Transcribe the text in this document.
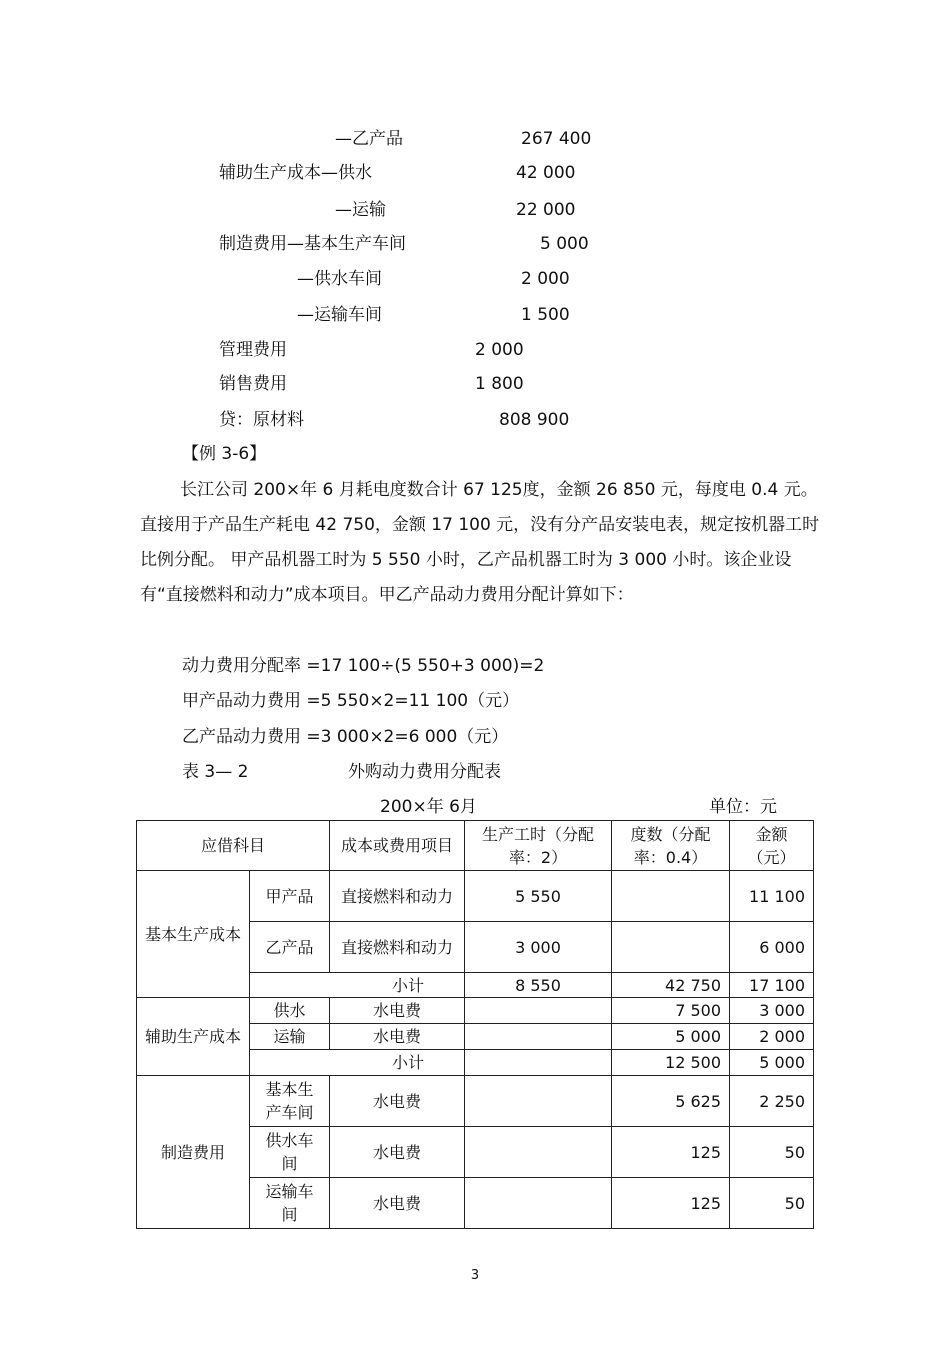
—乙产品	267 400
辅助生产成本—供水	42 000
—运输	22 000
制造费用—基本生产车间	5 000
—供水车间	2 000
—运输车间	1 500
管理费用	2 000
销售费用	1 800
贷：原材料	808 900
【例 3-6】
长江公司 200×年 6 月耗电度数合计 67 125度，金额 26 850 元，每度电 0.4 元。直接用于产品生产耗电 42 750，金额 17 100 元，没有分产品安装电表，规定按机器工时比例分配。 甲产品机器工时为 5 550 小时，乙产品机器工时为 3 000 小时。该企业设有“直接燃料和动力”成本项目。甲乙产品动力费用分配计算如下：
动力费用分配率 =17 100÷(5 550+3 000)=2
甲产品动力费用 =5 550×2=11 100（元）
乙产品动力费用 =3 000×2=6 000（元）
表 3— 2	外购动力费用分配表
200×年 6月	单位：元
应借科目		成本或费用项目	生产工时（分配率：2）	度数（分配率：0.4）	金额（元）
基本生产成本	甲产品	直接燃料和动力	5 550		11 100
	乙产品	直接燃料和动力	3 000		6 000
	小计		8 550	42 750	17 100
辅助生产成本	供水	水电费		7 500	3 000
	运输	水电费		5 000	2 000
	小计			12 500	5 000
制造费用	基本生产车间	水电费		5 625	2 250
	供水车间	水电费		125	50
	运输车间	水电费		125	50
3
